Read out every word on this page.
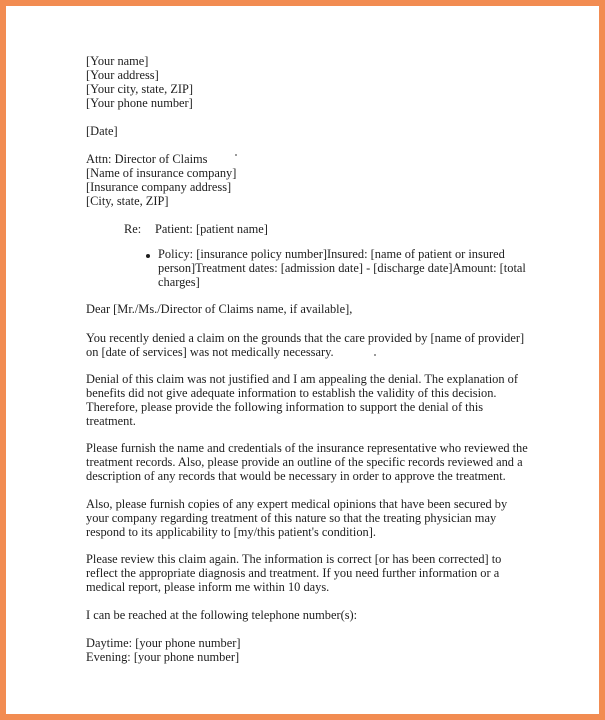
[Your name]

[Your address]

[Your city, state, ZIP]

[Your phone number]

[Date]

Attn: Director of Claims

[Name of insurance company]

[Insurance company address]

[City, state, ZIP]

Re: Patient: [patient name]

Policy: [insurance policy number]Insured: [name of patient or insured

person]Treatment dates: [admission date] - [discharge date]Amount: [total

charges]

Dear [Mr./Ms./Director of Claims name, if available],

You recently denied a claim on the grounds that the care provided by [name of provider]

on [date of services] was not medically necessary.

Denial of this claim was not justified and I am appealing the denial. The explanation of

benefits did not give adequate information to establish the validity of this decision.

Therefore, please provide the following information to support the denial of this

treatment.

Please furnish the name and credentials of the insurance representative who reviewed the

treatment records. Also, please provide an outline of the specific records reviewed and a

description of any records that would be necessary in order to approve the treatment.

Also, please furnish copies of any expert medical opinions that have been secured by

your company regarding treatment of this nature so that the treating physician may

respond to its applicability to [my/this patient's condition].

Please review this claim again. The information is correct [or has been corrected] to

reflect the appropriate diagnosis and treatment. If you need further information or a

medical report, please inform me within 10 days.

I can be reached at the following telephone number(s):

Daytime: [your phone number]

Evening: [your phone number]
